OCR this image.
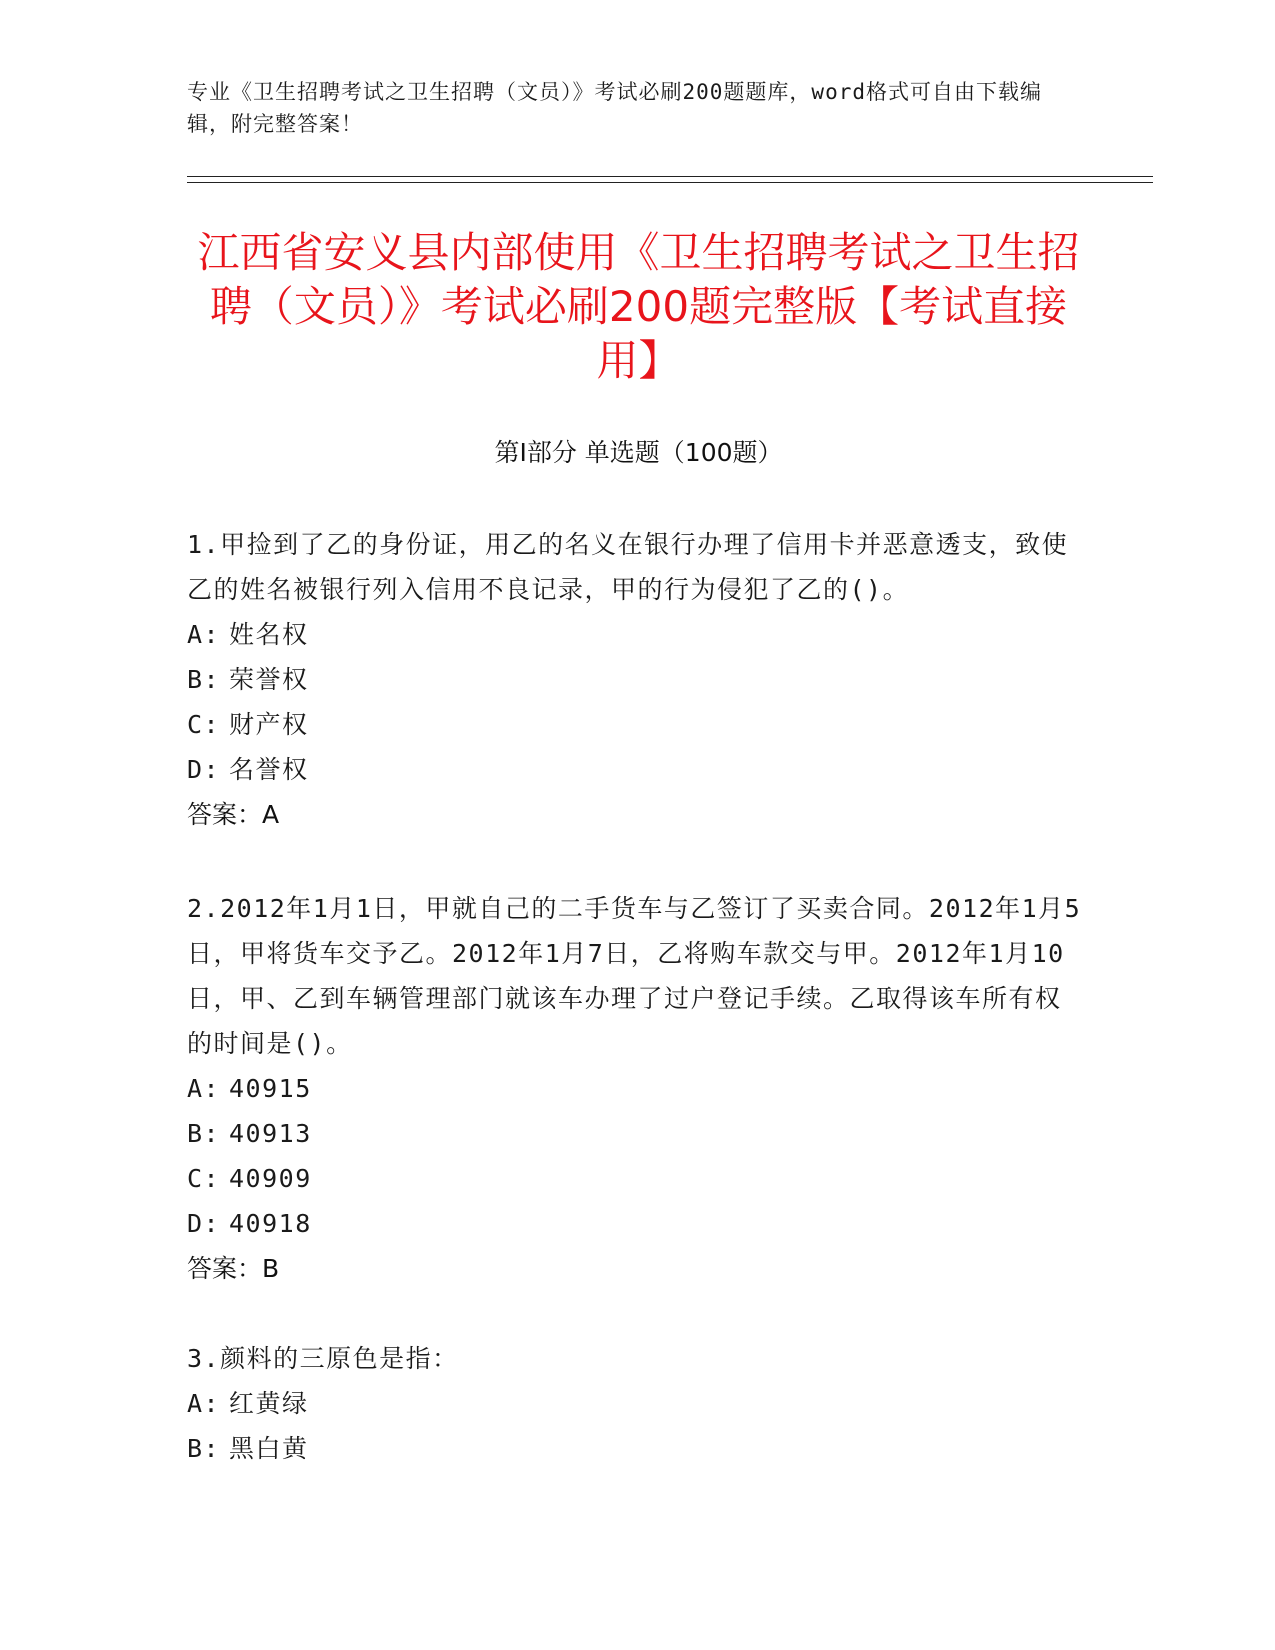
专业《卫生招聘考试之卫生招聘（文员）》考试必刷200题题库，word格式可自由下载编辑，附完整答案！
江西省安义县内部使用《卫生招聘考试之卫生招聘（文员）》考试必刷200题完整版【考试直接用】
第I部分 单选题（100题）
1.甲捡到了乙的身份证，用乙的名义在银行办理了信用卡并恶意透支，致使乙的姓名被银行列入信用不良记录，甲的行为侵犯了乙的()。
A: 姓名权
B: 荣誉权
C: 财产权
D: 名誉权
答案：A
2.2012年1月1日，甲就自己的二手货车与乙签订了买卖合同。2012年1月5日，甲将货车交予乙。2012年1月7日，乙将购车款交与甲。2012年1月10日，甲、乙到车辆管理部门就该车办理了过户登记手续。乙取得该车所有权的时间是()。
A: 40915
B: 40913
C: 40909
D: 40918
答案：B
3.颜料的三原色是指：
A: 红黄绿
B: 黑白黄
